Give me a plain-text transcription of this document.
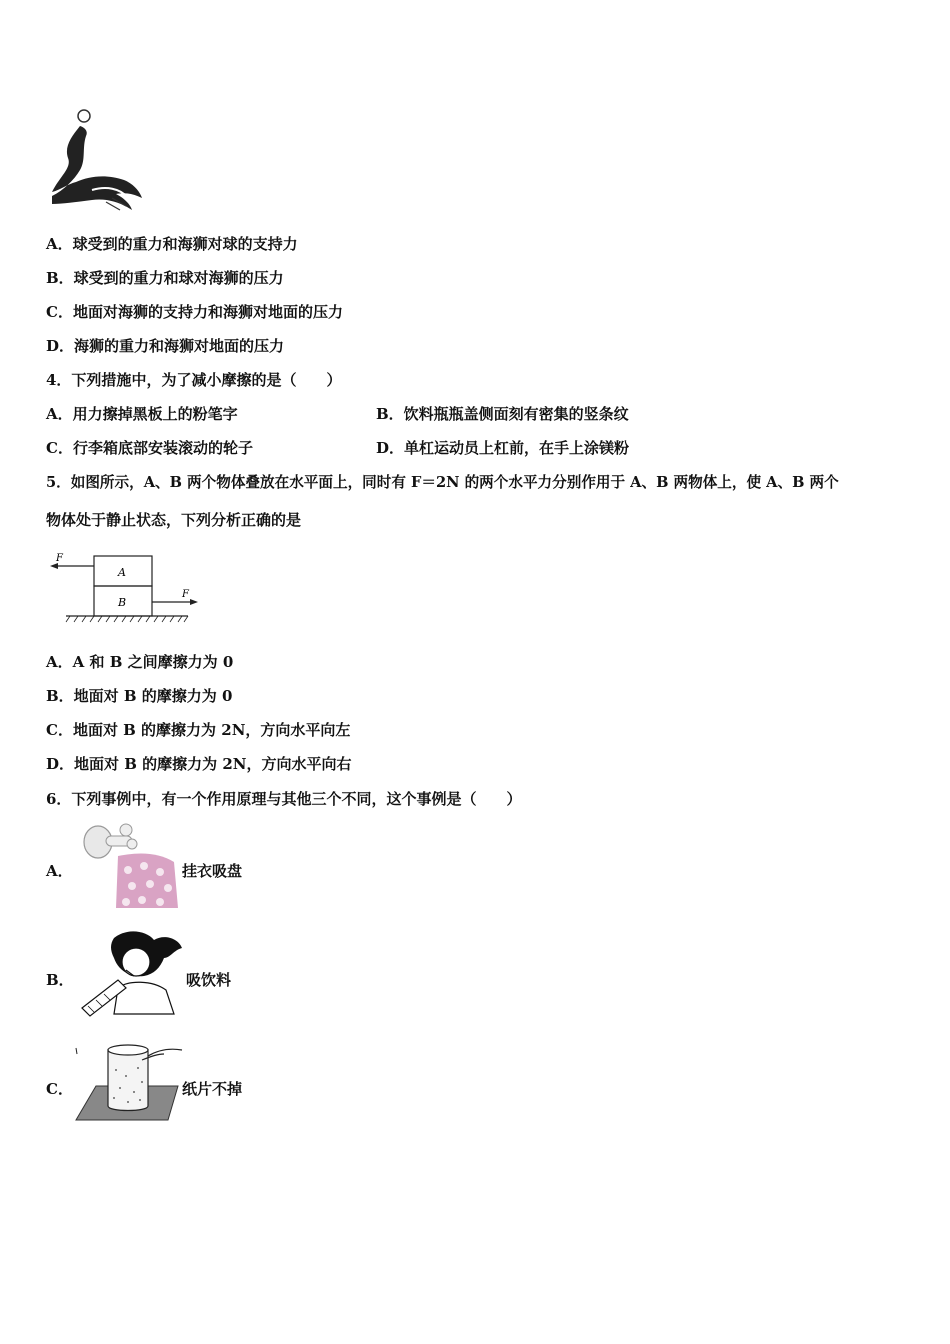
A．球受到的重力和海狮对球的支持力
B．球受到的重力和球对海狮的压力
C．地面对海狮的支持力和海狮对地面的压力
D．海狮的重力和海狮对地面的压力
4．下列措施中，为了减小摩擦的是（　　）
A．用力擦掉黑板上的粉笔字	B．饮料瓶瓶盖侧面刻有密集的竖条纹
C．行李箱底部安装滚动的轮子	D．单杠运动员上杠前，在手上涂镁粉
5．如图所示，A、B 两个物体叠放在水平面上，同时有 F＝2N 的两个水平力分别作用于 A、B 两物体上，使 A、B 两个
物体处于静止状态，下列分析正确的是
F
A
B
F
A．A 和 B 之间摩擦力为 0
B．地面对 B 的摩擦力为 0
C．地面对 B 的摩擦力为 2N，方向水平向左
D．地面对 B 的摩擦力为 2N，方向水平向右
6．下列事例中，有一个作用原理与其他三个不同，这个事例是（　　）
A．	挂衣吸盘
B．	吸饮料
C．	纸片不掉
